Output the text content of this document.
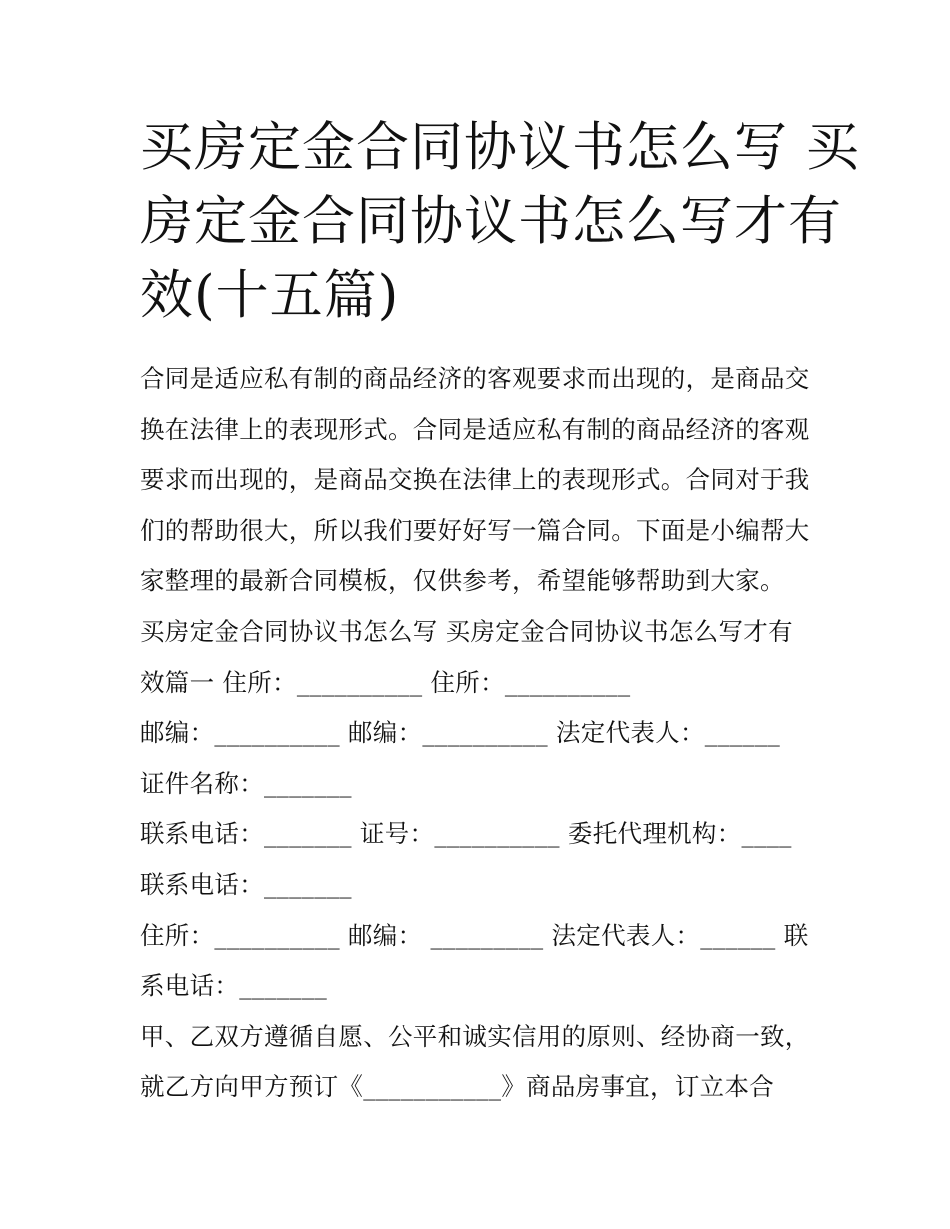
买房定金合同协议书怎么写 买
房定金合同协议书怎么写才有
效(十五篇)
合同是适应私有制的商品经济的客观要求而出现的，是商品交
换在法律上的表现形式。合同是适应私有制的商品经济的客观
要求而出现的，是商品交换在法律上的表现形式。合同对于我
们的帮助很大，所以我们要好好写一篇合同。下面是小编帮大
家整理的最新合同模板，仅供参考，希望能够帮助到大家。
买房定金合同协议书怎么写 买房定金合同协议书怎么写才有
效篇一 住所：__________ 住所：__________
邮编：__________ 邮编：__________ 法定代表人：______
证件名称：_______
联系电话：_______ 证号：__________ 委托代理机构：____
联系电话：_______
住所：__________ 邮编： _________ 法定代表人：______ 联
系电话：_______
甲、乙双方遵循自愿、公平和诚实信用的原则、经协商一致，
就乙方向甲方预订《___________》商品房事宜，订立本合
